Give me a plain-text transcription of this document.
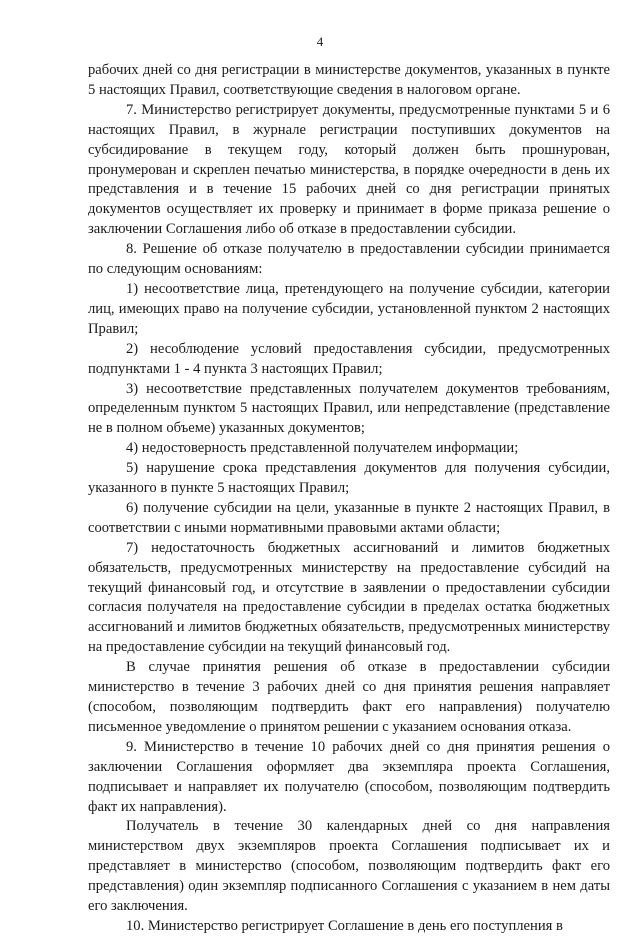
4

рабочих дней со дня регистрации в министерстве документов, указанных в пункте 5 настоящих Правил, соответствующие сведения в налоговом органе.

7. Министерство регистрирует документы, предусмотренные пунктами 5 и 6 настоящих Правил, в журнале регистрации поступивших документов на субсидирование в текущем году, который должен быть прошнурован, пронумерован и скреплен печатью министерства, в порядке очередности в день их представления и в течение 15 рабочих дней со дня регистрации принятых документов осуществляет их проверку и принимает в форме приказа решение о заключении Соглашения либо об отказе в предоставлении субсидии.

8. Решение об отказе получателю в предоставлении субсидии принимается по следующим основаниям:

1) несоответствие лица, претендующего на получение субсидии, категории лиц, имеющих право на получение субсидии, установленной пунктом 2 настоящих Правил;

2) несоблюдение условий предоставления субсидии, предусмотренных подпунктами 1 - 4 пункта 3 настоящих Правил;

3) несоответствие представленных получателем документов требованиям, определенным пунктом 5 настоящих Правил, или непредставление (представление не в полном объеме) указанных документов;

4) недостоверность представленной получателем информации;

5) нарушение срока представления документов для получения субсидии, указанного в пункте 5 настоящих Правил;

6) получение субсидии на цели, указанные в пункте 2 настоящих Правил, в соответствии с иными нормативными правовыми актами области;

7) недостаточность бюджетных ассигнований и лимитов бюджетных обязательств, предусмотренных министерству на предоставление субсидий на текущий финансовый год, и отсутствие в заявлении о предоставлении субсидии согласия получателя на предоставление субсидии в пределах остатка бюджетных ассигнований и лимитов бюджетных обязательств, предусмотренных министерству на предоставление субсидии на текущий финансовый год.

В случае принятия решения об отказе в предоставлении субсидии министерство в течение 3 рабочих дней со дня принятия решения направляет (способом, позволяющим подтвердить факт его направления) получателю письменное уведомление о принятом решении с указанием основания отказа.

9. Министерство в течение 10 рабочих дней со дня принятия решения о заключении Соглашения оформляет два экземпляра проекта Соглашения, подписывает и направляет их получателю (способом, позволяющим подтвердить факт их направления).

Получатель в течение 30 календарных дней со дня направления министерством двух экземпляров проекта Соглашения подписывает их и представляет в министерство (способом, позволяющим подтвердить факт его представления) один экземпляр подписанного Соглашения с указанием в нем даты его заключения.

10. Министерство регистрирует Соглашение в день его поступления в
